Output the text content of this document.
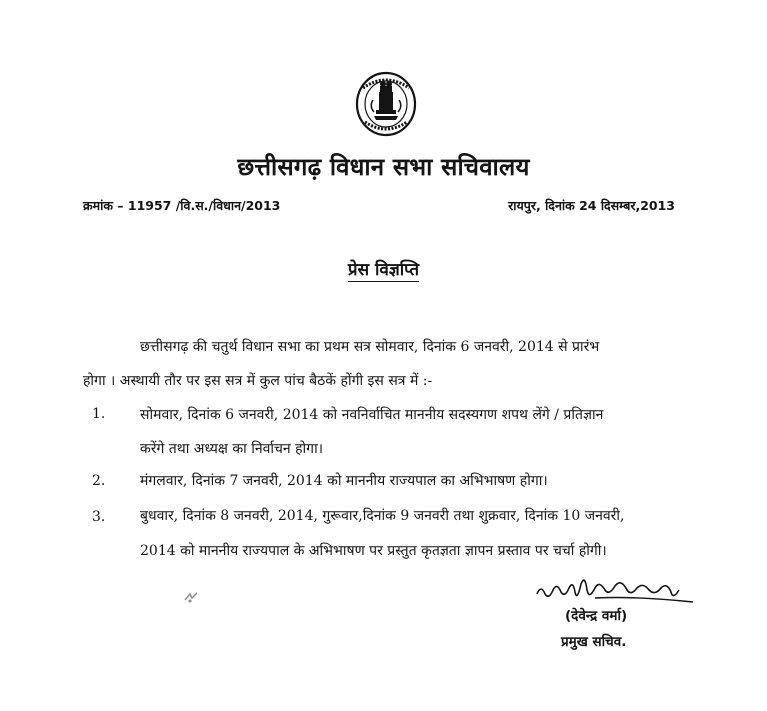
छत्तीसगढ़ विधान सभा सचिवालय
क्रमांक – 11957 /वि.स./विधान/2013	रायपुर, दिनांक 24 दिसम्बर,2013
प्रेस विज्ञप्ति
छत्तीसगढ़ की चतुर्थ विधान सभा का प्रथम सत्र सोमवार, दिनांक 6 जनवरी, 2014 से प्रारंभ
होगा । अस्थायी तौर पर इस सत्र में कुल पांच बैठकें होंगी इस सत्र में :-
1. सोमवार, दिनांक 6 जनवरी, 2014 को नवनिर्वाचित माननीय सदस्यगण शपथ लेंगे / प्रतिज्ञान
करेंगे तथा अध्यक्ष का निर्वाचन होगा।
2. मंगलवार, दिनांक 7 जनवरी, 2014 को माननीय राज्यपाल का अभिभाषण होगा।
3. बुधवार, दिनांक 8 जनवरी, 2014, गुरूवार,दिनांक 9 जनवरी तथा शुक्रवार, दिनांक 10 जनवरी,
2014 को माननीय राज्यपाल के अभिभाषण पर प्रस्तुत कृतज्ञता ज्ञापन प्रस्ताव पर चर्चा होगी।
(देवेन्द्र वर्मा)
प्रमुख सचिव.
